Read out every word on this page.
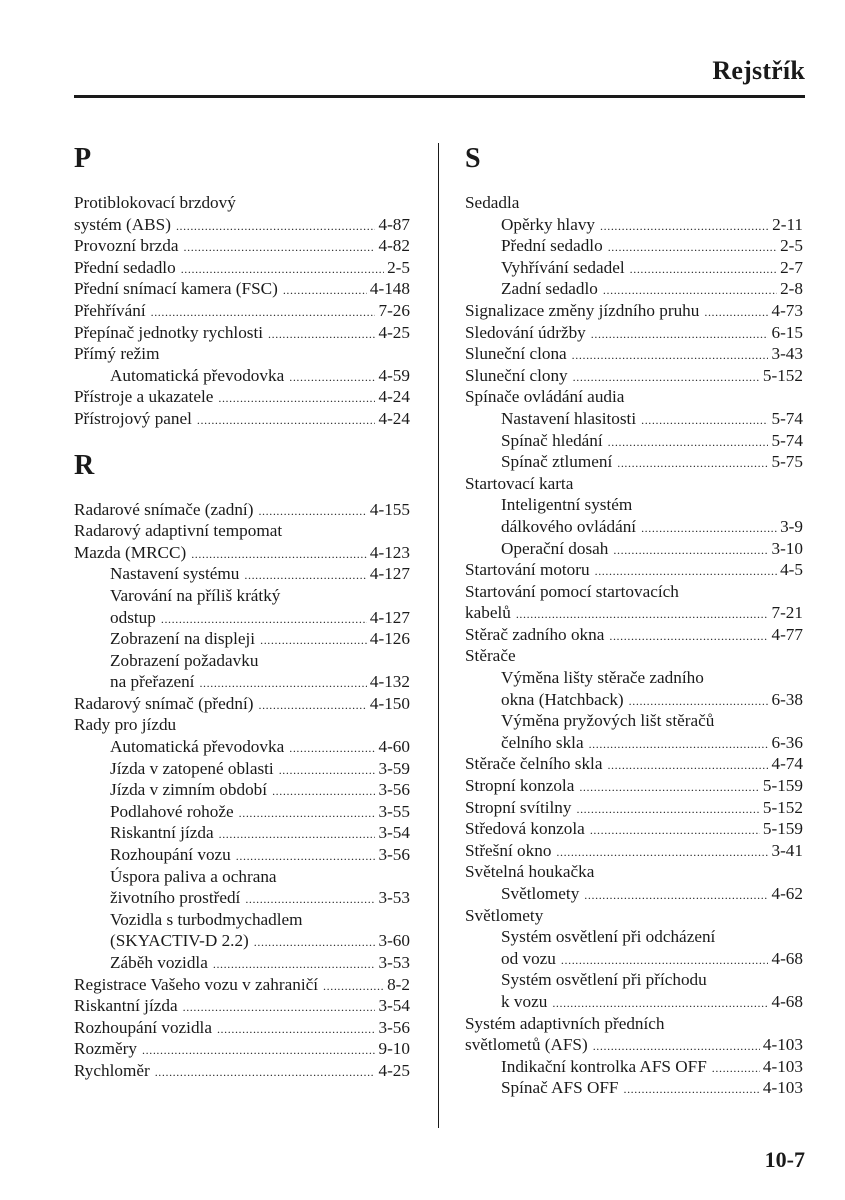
Rejstřík
P
Protiblokovací brzdový
systém (ABS) .....	4-87
Provozní brzda .....	4-82
Přední sedadlo .....	2-5
Přední snímací kamera (FSC) .....	4-148
Přehřívání .....	7-26
Přepínač jednotky rychlosti .....	4-25
Přímý režim
Automatická převodovka .....	4-59
Přístroje a ukazatele .....	4-24
Přístrojový panel .....	4-24
R
Radarové snímače (zadní) .....	4-155
Radarový adaptivní tempomat
Mazda (MRCC) .....	4-123
Nastavení systému .....	4-127
Varování na příliš krátký
odstup .....	4-127
Zobrazení na displeji .....	4-126
Zobrazení požadavku
na přeřazení .....	4-132
Radarový snímač (přední) .....	4-150
Rady pro jízdu
Automatická převodovka .....	4-60
Jízda v zatopené oblasti .....	3-59
Jízda v zimním období .....	3-56
Podlahové rohože .....	3-55
Riskantní jízda .....	3-54
Rozhoupání vozu .....	3-56
Úspora paliva a ochrana
životního prostředí .....	3-53
Vozidla s turbodmychadlem
(SKYACTIV-D 2.2) .....	3-60
Záběh vozidla .....	3-53
Registrace Vašeho vozu v zahraničí .....	8-2
Riskantní jízda .....	3-54
Rozhoupání vozidla .....	3-56
Rozměry .....	9-10
Rychloměr .....	4-25
S
Sedadla
Opěrky hlavy .....	2-11
Přední sedadlo .....	2-5
Vyhřívání sedadel .....	2-7
Zadní sedadlo .....	2-8
Signalizace změny jízdního pruhu .....	4-73
Sledování údržby .....	6-15
Sluneční clona .....	3-43
Sluneční clony .....	5-152
Spínače ovládání audia
Nastavení hlasitosti .....	5-74
Spínač hledání .....	5-74
Spínač ztlumení .....	5-75
Startovací karta
Inteligentní systém
dálkového ovládání .....	3-9
Operační dosah .....	3-10
Startování motoru .....	4-5
Startování pomocí startovacích
kabelů .....	7-21
Stěrač zadního okna .....	4-77
Stěrače
Výměna lišty stěrače zadního
okna (Hatchback) .....	6-38
Výměna pryžových lišt stěračů
čelního skla .....	6-36
Stěrače čelního skla .....	4-74
Stropní konzola .....	5-159
Stropní svítilny .....	5-152
Středová konzola .....	5-159
Střešní okno .....	3-41
Světelná houkačka
Světlomety .....	4-62
Světlomety
Systém osvětlení při odcházení
od vozu .....	4-68
Systém osvětlení při příchodu
k vozu .....	4-68
Systém adaptivních předních
světlometů (AFS) .....	4-103
Indikační kontrolka AFS OFF .....	4-103
Spínač AFS OFF .....	4-103
10-7
